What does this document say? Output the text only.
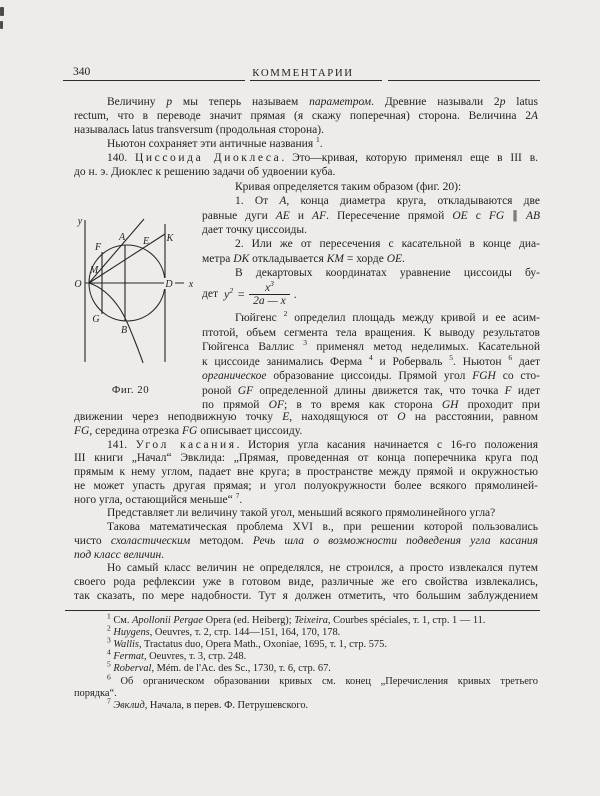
340	КОММЕНТАРИИ
Величину p мы теперь называем параметром. Древние называли 2p latus
rectum, что в переводе значит прямая (я скажу поперечная) сторона. Величина 2A
называлась latus transversum (продольная сторона).
Ньютон сохраняет эти античные названия $^1$.
140. Циссоида Диоклеса. Это—кривая, которую применял еще в III в.
до н. э. Диоклес к решению задачи об удвоении куба.
y
K
A E
F
M
O	D x
G
B
Фиг. 20
Кривая определяется таким образом (фиг. 20):
1. От A, конца диаметра круга, откладываются две
равные дуги AE и AF. Пересечение прямой OE с FG ∥ AB
дает точку циссоиды.
2. Или же от пересечения с касательной в конце диа-
метра DK откладывается KM = хорде OE.
В декартовых координатах уравнение циссоиды бу-
дет $y^2 = \frac{x^3}{2a — x}$ .
Гюйгенс $^2$ определил площадь между кривой и ее асим-
птотой, объем сегмента тела вращения. К выводу результатов
Гюйгенса Валлис $^3$ применял метод неделимых. Касательной
к циссоиде занимались Ферма $^4$ и Роберваль $^5$. Ньютон $^6$ дает
органическое образование циссоиды. Прямой угол FGH со сто-
роной GF определенной длины движется так, что точка F идет
по прямой OF; в то время как сторона GH проходит при
движении через неподвижную точку E, находящуюся от O на расстоянии, равном
FG, середина отрезка FG описывает циссоиду.
141. Угол касания. История угла касания начинается с 16-го положения
III книги „Начал“ Эвклида: „Прямая, проведенная от конца поперечника круга под
прямым к нему углом, падает вне круга; в пространстве между прямой и окружностью
не может упасть другая прямая; и угол полуокружности более всякого прямолиней-
ного угла, остающийся меньше“ $^7$.
Представляет ли величину такой угол, меньший всякого прямолинейного угла?
Такова математическая проблема XVI в., при решении которой пользовались
чисто схоластическим методом. Речь шла о возможности подведения угла касания
под класс величин.
Но самый класс величин не определялся, не строился, а просто извлекался путем
своего рода рефлексии уже в готовом виде, различные же его свойства извлекались,
так сказать, по мере надобности. Тут я должен отметить, что большим заблуждением
$^1$ См. Apollonii Pergae Opera (ed. Heiberg); Teixeira, Courbes spéciales, т. 1, стр. 1 — 11.
$^2$ Huygens, Oeuvres, т. 2, стр. 144—151, 164, 170, 178.
$^3$ Wallis, Tractatus duo, Opera Math., Oxoniae, 1695, т. 1, стр. 575.
$^4$ Fermat, Oeuvres, т. 3, стр. 248.
$^5$ Roberval, Mém. de l'Ac. des Sc., 1730, т. 6, стр. 67.
$^6$ Об органическом образовании кривых см. конец „Перечисления кривых третьего
порядка“.
$^7$ Эвклид, Начала, в перев. Ф. Петрушевского.
